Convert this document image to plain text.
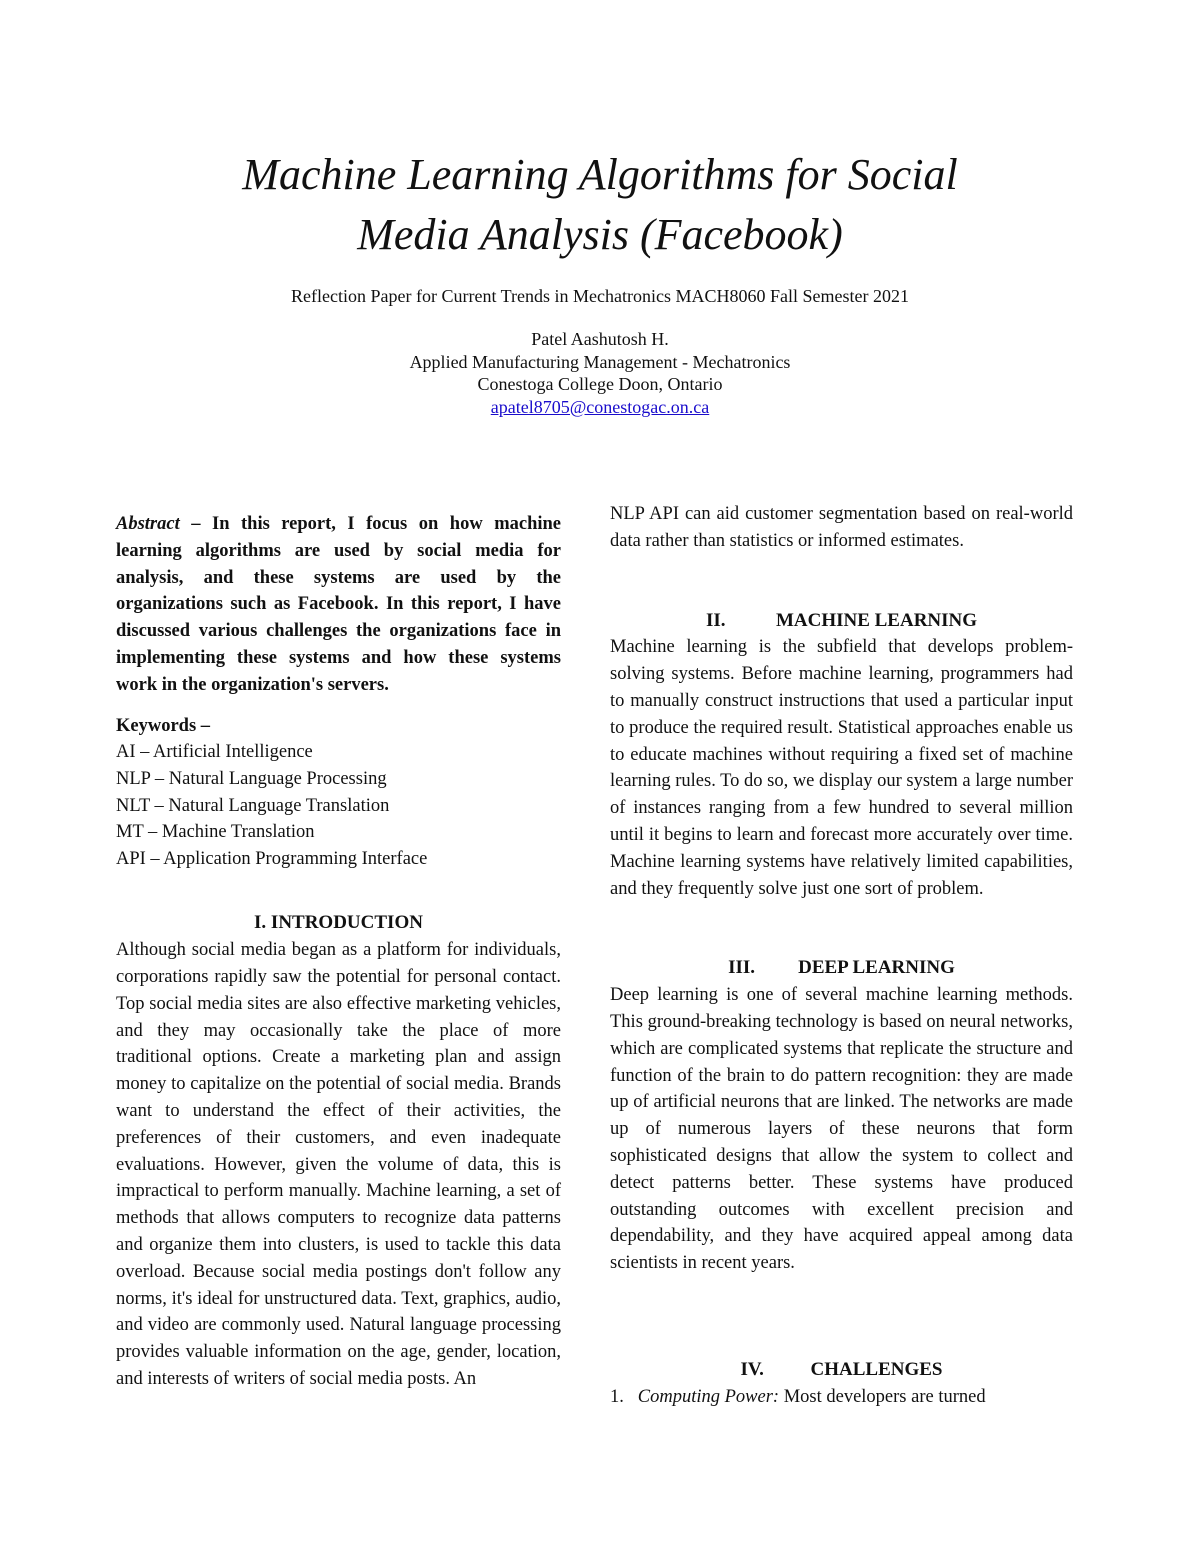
Machine Learning Algorithms for Social
Media Analysis (Facebook)
Reflection Paper for Current Trends in Mechatronics MACH8060 Fall Semester 2021
Patel Aashutosh H.
Applied Manufacturing Management - Mechatronics
Conestoga College Doon, Ontario
apatel8705@conestogac.on.ca

Abstract – In this report, I focus on how machine learning algorithms are used by social media for analysis, and these systems are used by the organizations such as Facebook. In this report, I have discussed various challenges the organizations face in implementing these systems and how these systems work in the organization's servers.

Keywords –

AI – Artificial Intelligence
NLP – Natural Language Processing
NLT – Natural Language Translation
MT – Machine Translation
API – Application Programming Interface
I. INTRODUCTION

Although social media began as a platform for individuals, corporations rapidly saw the potential for personal contact. Top social media sites are also effective marketing vehicles, and they may occasionally take the place of more traditional options. Create a marketing plan and assign money to capitalize on the potential of social media. Brands want to understand the effect of their activities, the preferences of their customers, and even inadequate evaluations. However, given the volume of data, this is impractical to perform manually. Machine learning, a set of methods that allows computers to recognize data patterns and organize them into clusters, is used to tackle this data overload. Because social media postings don't follow any norms, it's ideal for unstructured data. Text, graphics, audio, and video are commonly used. Natural language processing provides valuable information on the age, gender, location, and interests of writers of social media posts. An

NLP API can aid customer segmentation based on real-world data rather than statistics or informed estimates.

II.	MACHINE LEARNING

Machine learning is the subfield that develops problem-solving systems. Before machine learning, programmers had to manually construct instructions that used a particular input to produce the required result. Statistical approaches enable us to educate machines without requiring a fixed set of machine learning rules. To do so, we display our system a large number of instances ranging from a few hundred to several million until it begins to learn and forecast more accurately over time. Machine learning systems have relatively limited capabilities, and they frequently solve just one sort of problem.

III. DEEP LEARNING

Deep learning is one of several machine learning methods. This ground-breaking technology is based on neural networks, which are complicated systems that replicate the structure and function of the brain to do pattern recognition: they are made up of artificial neurons that are linked. The networks are made up of numerous layers of these neurons that form sophisticated designs that allow the system to collect and detect patterns better. These systems have produced outstanding outcomes with excellent precision and dependability, and they have acquired appeal among data scientists in recent years.

IV. CHALLENGES

1. Computing Power: Most developers are turned
